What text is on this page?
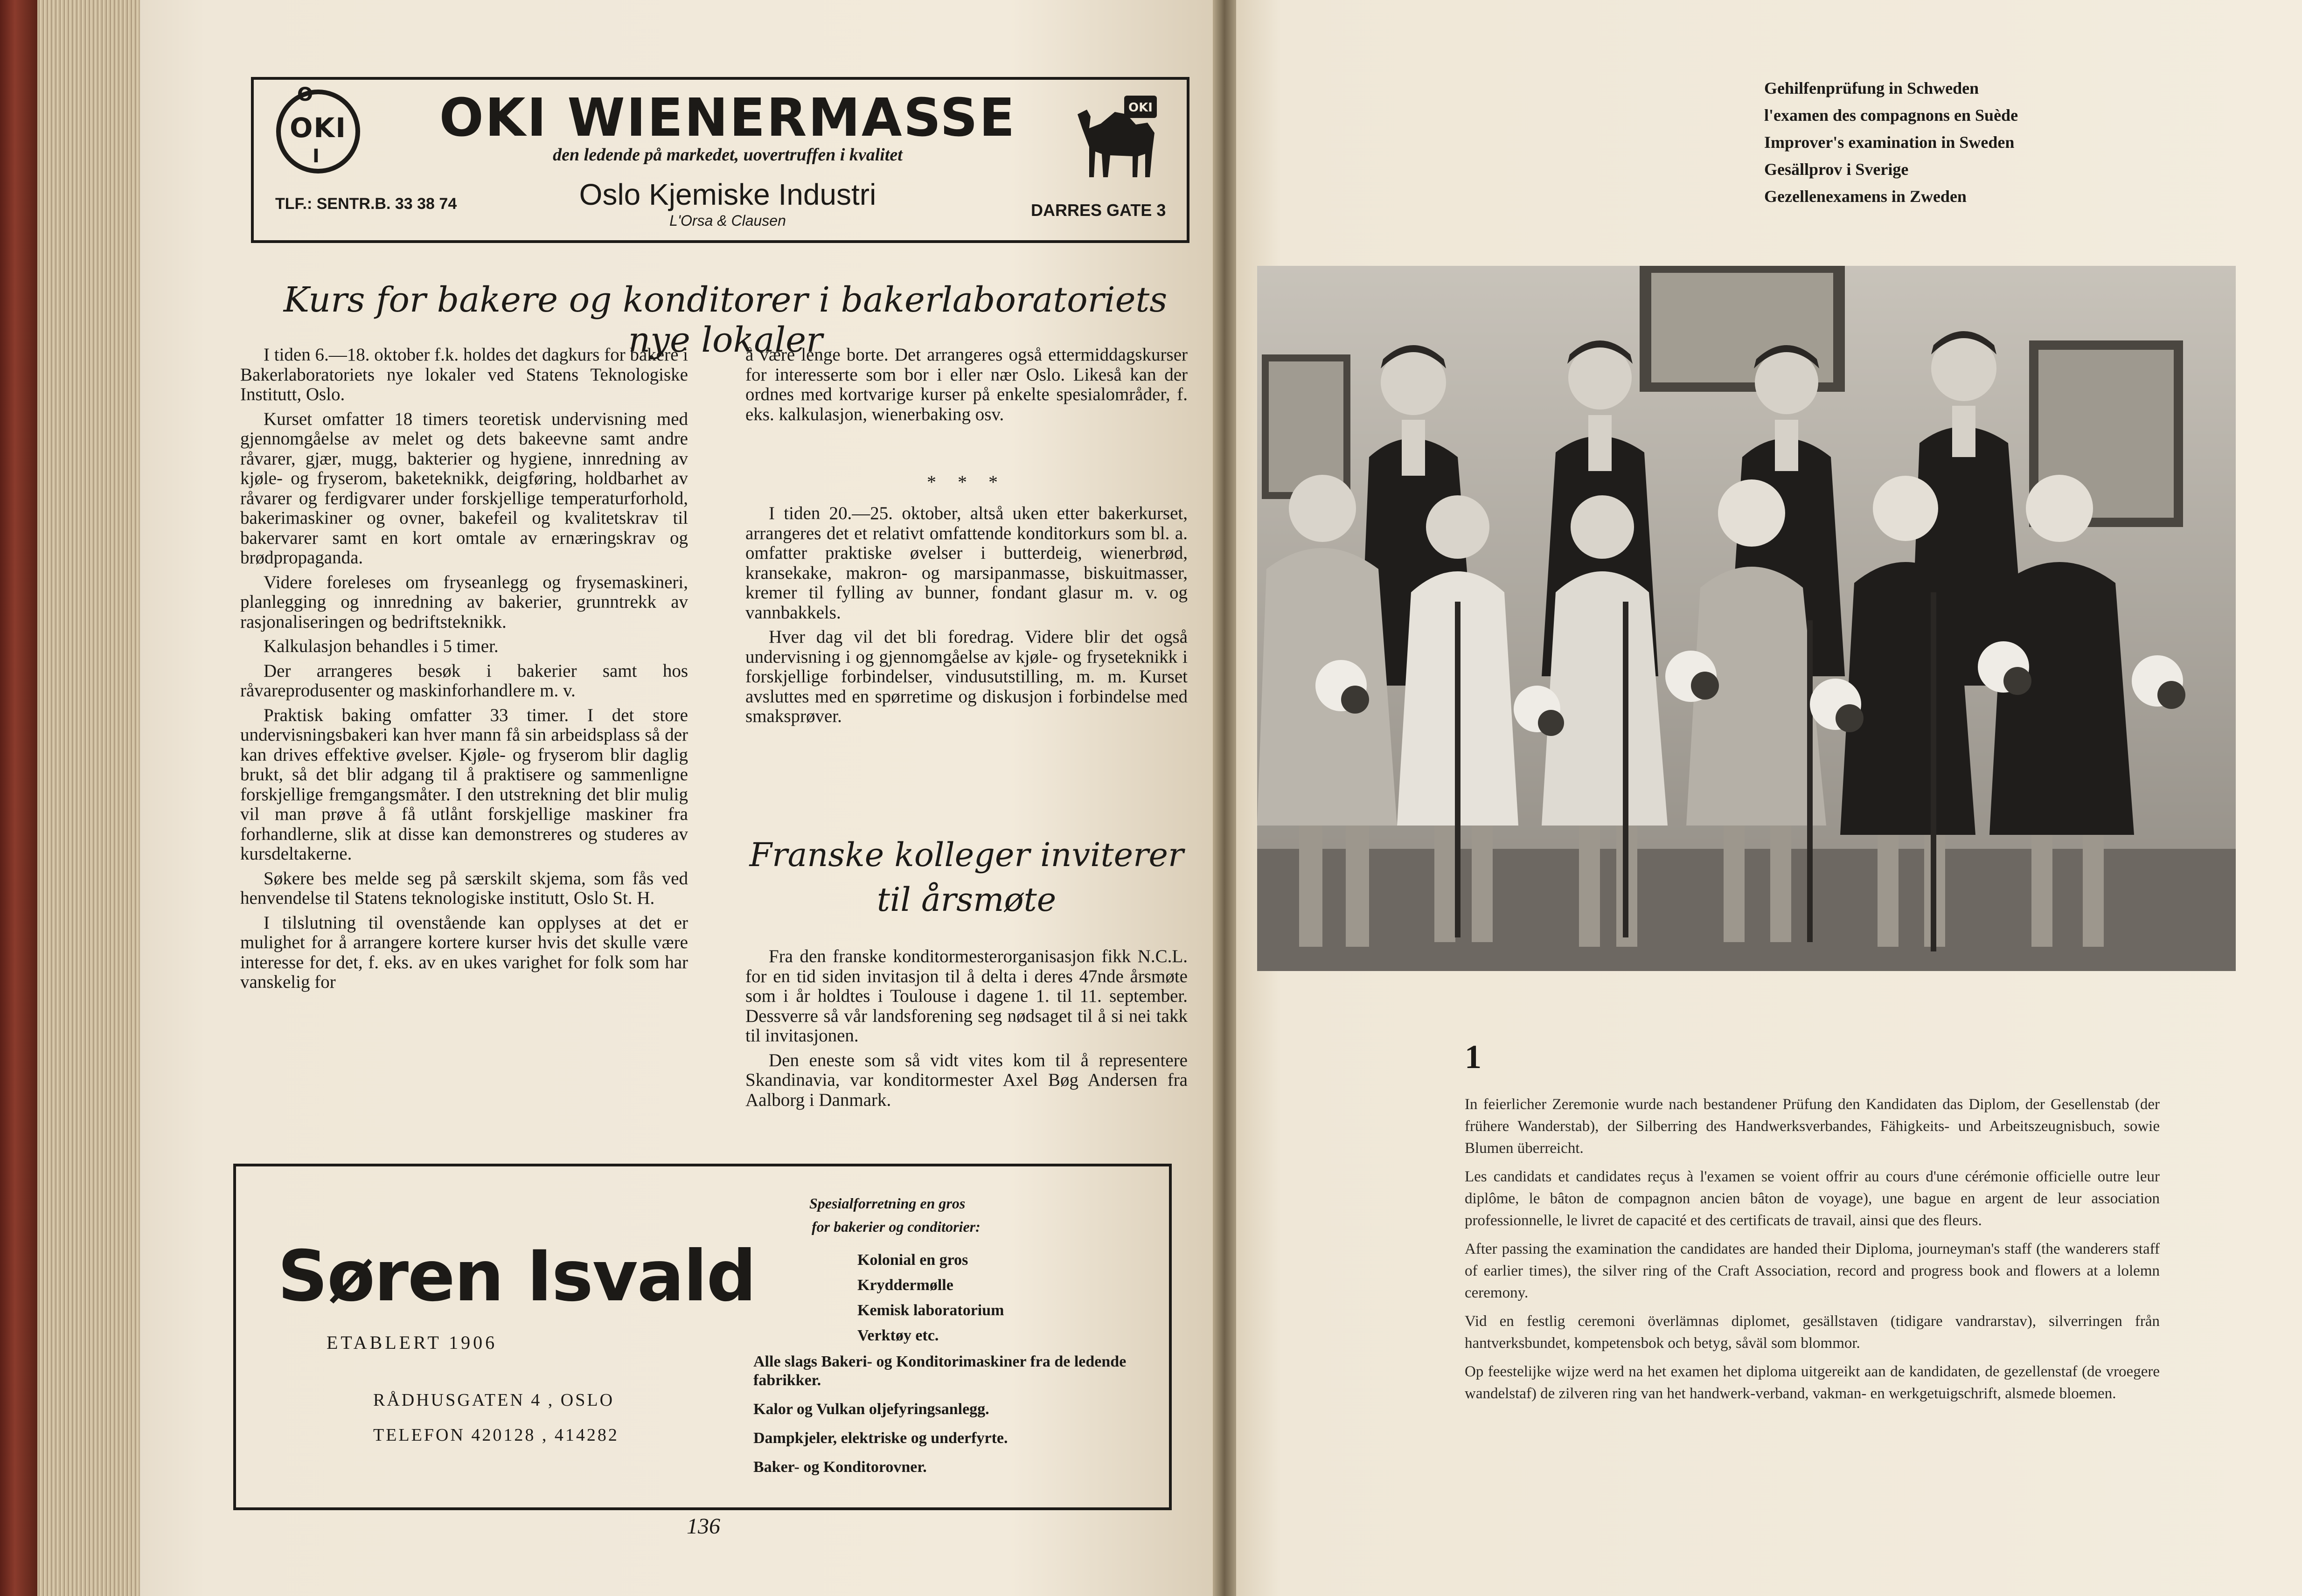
O
OKI
I
OKI WIENERMASSE
den ledende på markedet, uovertruffen i kvalitet
Oslo Kjemiske Industri
L'Orsa & Clausen
TLF.: SENTR.B. 33 38 74	DARRES GATE 3
OKI
Kurs for bakere og konditorer i bakerlaboratoriets nye lokaler

I tiden 6.—18. oktober f.k. holdes det dagkurs for bakere i Bakerlaboratoriets nye lokaler ved Statens Teknologiske Institutt, Oslo.

Kurset omfatter 18 timers teoretisk undervisning med gjennomgåelse av melet og dets bakeevne samt andre råvarer, gjær, mugg, bakterier og hygiene, innredning av kjøle- og fryserom, baketeknikk, deigføring, holdbarhet av råvarer og ferdigvarer under forskjellige temperaturforhold, bakerimaskiner og ovner, bakefeil og kvalitetskrav til bakervarer samt en kort omtale av ernæringskrav og brødpropaganda.

Videre foreleses om fryseanlegg og frysemaskineri, planlegging og innredning av bakerier, grunntrekk av rasjonaliseringen og bedriftsteknikk.

Kalkulasjon behandles i 5 timer.

Der arrangeres besøk i bakerier samt hos råvareprodusenter og maskinforhandlere m. v.

Praktisk baking omfatter 33 timer. I det store undervisningsbakeri kan hver mann få sin arbeidsplass så der kan drives effektive øvelser. Kjøle- og fryserom blir daglig brukt, så det blir adgang til å praktisere og sammenligne forskjellige fremgangsmåter. I den utstrekning det blir mulig vil man prøve å få utlånt forskjellige maskiner fra forhandlerne, slik at disse kan demonstreres og studeres av kursdeltakerne.

Søkere bes melde seg på særskilt skjema, som fås ved henvendelse til Statens teknologiske institutt, Oslo St. H.

I tilslutning til ovenstående kan opplyses at det er mulighet for å arrangere kortere kurser hvis det skulle være interesse for det, f. eks. av en ukes varighet for folk som har vanskelig for

å være lenge borte. Det arrangeres også ettermiddagskurser for interesserte som bor i eller nær Oslo. Likeså kan der ordnes med kortvarige kurser på enkelte spesialområder, f. eks. kalkulasjon, wienerbaking osv.

* * *

I tiden 20.—25. oktober, altså uken etter bakerkurset, arrangeres det et relativt omfattende konditorkurs som bl. a. omfatter praktiske øvelser i butterdeig, wienerbrød, kransekake, makron- og marsipanmasse, biskuitmasser, kremer til fylling av bunner, fondant glasur m. v. og vannbakkels.

Hver dag vil det bli foredrag. Videre blir det også undervisning i og gjennomgåelse av kjøle- og fryseteknikk i forskjellige forbindelser, vindusutstilling, m. m. Kurset avsluttes med en spørretime og diskusjon i forbindelse med smaksprøver.

Franske kolleger inviterer
til årsmøte

Fra den franske konditormesterorganisasjon fikk N.C.L. for en tid siden invitasjon til å delta i deres 47nde årsmøte som i år holdtes i Toulouse i dagene 1. til 11. september. Dessverre så vår landsforening seg nødsaget til å si nei takk til invitasjonen.

Den eneste som så vidt vites kom til å representere Skandinavia, var konditormester Axel Bøg Andersen fra Aalborg i Danmark.

Søren Isvald
ETABLERT 1906
RÅDHUSGATEN 4 , OSLO
TELEFON 420128 , 414282
Spesialforretning en gros
for bakerier og conditorier:
Kolonial en gros
Kryddermølle
Kemisk laboratorium
Verktøy etc.
Alle slags Bakeri- og Konditorimaskiner fra de ledende fabrikker.
Kalor og Vulkan oljefyringsanlegg.
Dampkjeler, elektriske og underfyrte.
Baker- og Konditorovner.
136
Gehilfenprüfung in Schweden
l'examen des compagnons en Suède
Improver's examination in Sweden
Gesällprov i Sverige
Gezellenexamens in Zweden
1

In feierlicher Zeremonie wurde nach bestandener Prüfung den Kandidaten das Diplom, der Gesellenstab (der frühere Wanderstab), der Silberring des Handwerksverbandes, Fähigkeits- und Arbeitszeugnisbuch, sowie Blumen überreicht.

Les candidats et candidates reçus à l'examen se voient offrir au cours d'une cérémonie officielle outre leur diplôme, le bâton de compagnon ancien bâton de voyage), une bague en argent de leur association professionnelle, le livret de capacité et des certificats de travail, ainsi que des fleurs.

After passing the examination the candidates are handed their Diploma, journeyman's staff (the wanderers staff of earlier times), the silver ring of the Craft Association, record and progress book and flowers at a lolemn ceremony.

Vid en festlig ceremoni överlämnas diplomet, gesällstaven (tidigare vandrarstav), silverringen från hantverksbundet, kompetensbok och betyg, såväl som blommor.

Op feestelijke wijze werd na het examen het diploma uitgereikt aan de kandidaten, de gezellenstaf (de vroegere wandelstaf) de zilveren ring van het handwerk-verband, vakman- en werkgetuigschrift, alsmede bloemen.
